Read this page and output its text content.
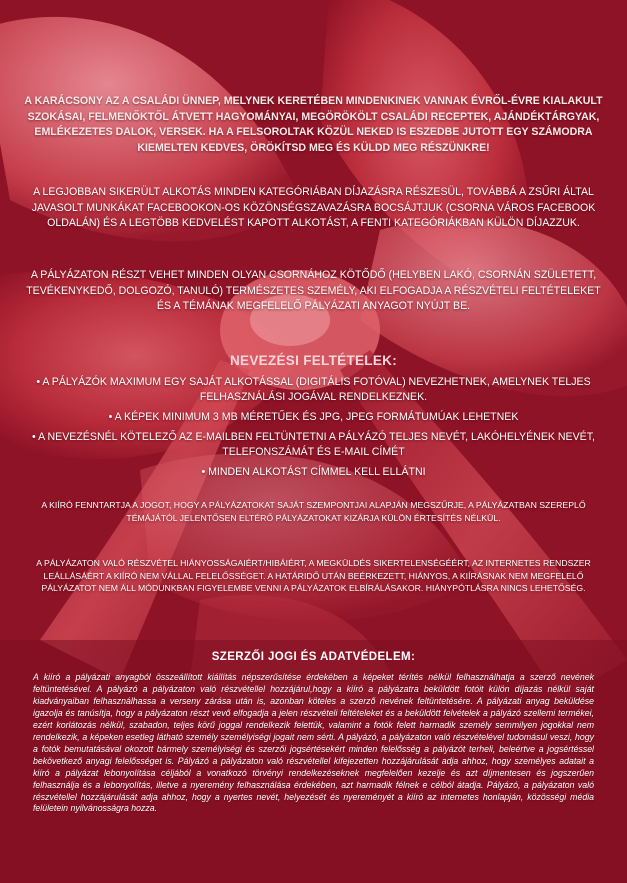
A KARÁCSONY AZ A CSALÁDI ÜNNEP, MELYNEK KERETÉBEN MINDENKINEK VANNAK ÉVRŐL-ÉVRE KIALAKULT SZOKÁSAI, FELMENŐKTŐL ÁTVETT HAGYOMÁNYAI, MEGÖRÖKÖLT CSALÁDI RECEPTEK, AJÁNDÉKTÁRGYAK, EMLÉKEZETES DALOK, VERSEK. HA A FELSOROLTAK KÖZÜL NEKED IS ESZEDBE JUTOTT EGY SZÁMODRA KIEMELTEN KEDVES, ÖRÖKÍTSD MEG ÉS KÜLDD MEG RÉSZÜNKRE!

A LEGJOBBAN SIKERÜLT ALKOTÁS MINDEN KATEGÓRIÁBAN DÍJAZÁSRA RÉSZESÜL, TOVÁBBÁ A ZSŰRI ÁLTAL JAVASOLT MUNKÁKAT FACEBOOKON-OS KÖZÖNSÉGSZAVAZÁSRA BOCSÁJTJUK (CSORNA VÁROS FACEBOOK OLDALÁN) ÉS A LEGTÖBB KEDVELÉST KAPOTT ALKOTÁST, A FENTI KATEGÓRIÁKBAN KÜLÖN DÍJAZZUK.

A PÁLYÁZATON RÉSZT VEHET MINDEN OLYAN CSORNÁHOZ KÖTŐDŐ (HELYBEN LAKÓ, CSORNÁN SZÜLETETT, TEVÉKENYKEDŐ, DOLGOZÓ, TANULÓ) TERMÉSZETES SZEMÉLY, AKI ELFOGADJA A RÉSZVÉTELI FELTÉTELEKET ÉS A TÉMÁNAK MEGFELELŐ PÁLYÁZATI ANYAGOT NYÚJT BE.

NEVEZÉSI FELTÉTELEK:
• A PÁLYÁZÓK MAXIMUM EGY SAJÁT ALKOTÁSSAL (DIGITÁLIS FOTÓVAL) NEVEZHETNEK, AMELYNEK TELJES FELHASZNÁLÁSI JOGÁVAL RENDELKEZNEK.
• A KÉPEK MINIMUM 3 MB MÉRETŰEK ÉS JPG, JPEG FORMÁTUMÚAK LEHETNEK
• A NEVEZÉSNÉL KÖTELEZŐ AZ E-MAILBEN FELTÜNTETNI A PÁLYÁZÓ TELJES NEVÉT, LAKÓHELYÉNEK NEVÉT, TELEFONSZÁMÁT ÉS E-MAIL CÍMÉT
• MINDEN ALKOTÁST CÍMMEL KELL ELLÁTNI

A KIÍRÓ FENNTARTJA A JOGOT, HOGY A PÁLYÁZATOKAT SAJÁT SZEMPONTJAI ALAPJÁN MEGSZŰRJE, A PÁLYÁZATBAN SZEREPLŐ TÉMÁJÁTÓL JELENTŐSEN ELTÉRŐ PÁLYÁZATOKAT KIZÁRJA KÜLÖN ÉRTESÍTÉS NÉLKÜL.

A PÁLYÁZATON VALÓ RÉSZVÉTEL HIÁNYOSSÁGAIÉRT/HIBÁIÉRT, A MEGKÜLDÉS SIKERTELENSÉGÉÉRT, AZ INTERNETES RENDSZER LEÁLLÁSÁÉRT A KIÍRÓ NEM VÁLLAL FELELŐSSÉGET. A HATÁRIDŐ UTÁN BEÉRKEZETT, HIÁNYOS, A KIÍRÁSNAK NEM MEGFELELŐ PÁLYÁZATOT NEM ÁLL MÓDUNKBAN FIGYELEMBE VENNI A PÁLYÁZATOK ELBÍRÁLÁSAKOR. HIÁNYPÓTLÁSRA NINCS LEHETŐSÉG.

SZERZŐI JOGI ÉS ADATVÉDELEM:

A kiíró a pályázati anyagból összeállított kiállítás népszerűsítése érdekében a képeket térítés nélkül felhasználhatja a szerző nevének feltüntetésével. A pályázó a pályázaton való részvétellel hozzájárul,hogy a kiíró a pályázatra beküldött fotóit külön díjazás nélkül saját kiadványaiban felhasználhassa a verseny zárása után is, azonban köteles a szerző nevének feltüntetésére. A pályázati anyag beküldése igazolja és tanúsítja, hogy a pályázaton részt vevő elfogadja a jelen részvételi feltételeket és a beküldött felvételek a pályázó szellemi termékei, ezért korlátozás nélkül, szabadon, teljes körű joggal rendelkezik felettük, valamint a fotók felett harmadik személy semmilyen jogokkal nem rendelkezik, a képeken esetleg látható személy személyiségi jogait nem sérti. A pályázó, a pályázaton való részvételével tudomásul veszi, hogy a fotók bemutatásával okozott bármely személyiségi és szerzői jogsértésekért minden felelősség a pályázót terheli, beleértve a jogsértéssel bekövetkező anyagi felelősséget is. Pályázó a pályázaton való részvétellel kifejezetten hozzájárulását adja ahhoz, hogy személyes adatait a kiíró a pályázat lebonyolítása céljából a vonatkozó törvényi rendelkezéseknek megfelelően kezelje és azt díjmentesen és jogszerűen felhasználja és a lebonyolítás, illetve a nyeremény felhasználása érdekében, azt harmadik félnek e célból átadja. Pályázó, a pályázaton való részvétellel hozzájárulását adja ahhoz, hogy a nyertes nevét, helyezését és nyereményét a kiíró az internetes honlapján, közösségi média felületein nyilvánosságra hozza.
